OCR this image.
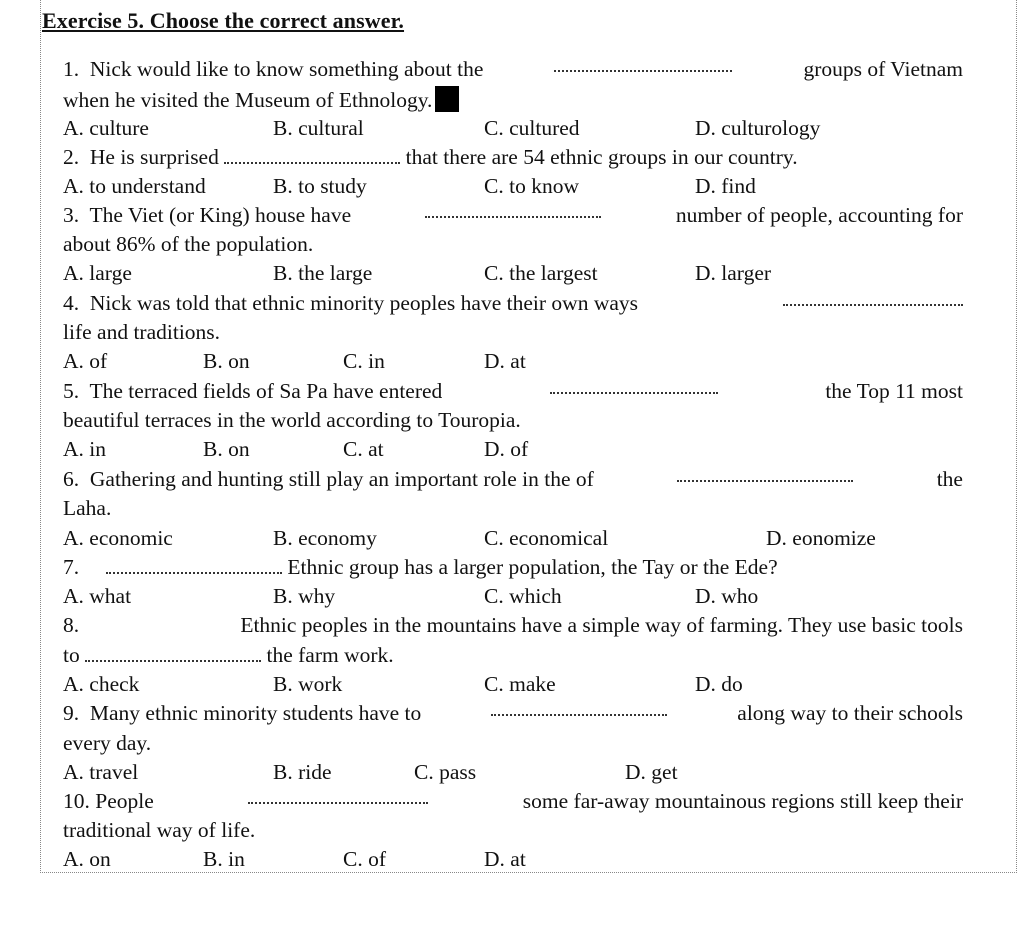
Exercise 5. Choose the correct answer.
1. Nick would like to know something about the	groups of Vietnam
when he visited the Museum of Ethnology.
A. culture	B. cultural	C. cultured	D. culturology
2. He is surprised	that there are 54 ethnic groups in our country.
A. to understand	B. to study	C. to know	D. find
3. The Viet (or King) house have	number of people, accounting for
about 86% of the population.
A. large	B. the large	C. the largest	D. larger
4. Nick was told that ethnic minority peoples have their own ways
life and traditions.
A. of	B. on	C. in	D. at
5. The terraced fields of Sa Pa have entered	the Top 11 most
beautiful terraces in the world according to Touropia.
A. in	B. on	C. at	D. of
6. Gathering and hunting still play an important role in the of	the
Laha.
A. economic	B. economy	C. economical	D. eonomize
7.	Ethnic group has a larger population, the Tay or the Ede?
A. what	B. why	C. which	D. who
8.	Ethnic peoples in the mountains have a simple way of farming. They use basic tools
to	the farm work.
A. check	B. work	C. make	D. do
9. Many ethnic minority students have to	along way to their schools
every day.
A. travel	B. ride	C. pass	D. get
10. People	some far-away mountainous regions still keep their
traditional way of life.
A. on	B. in	C. of	D. at
